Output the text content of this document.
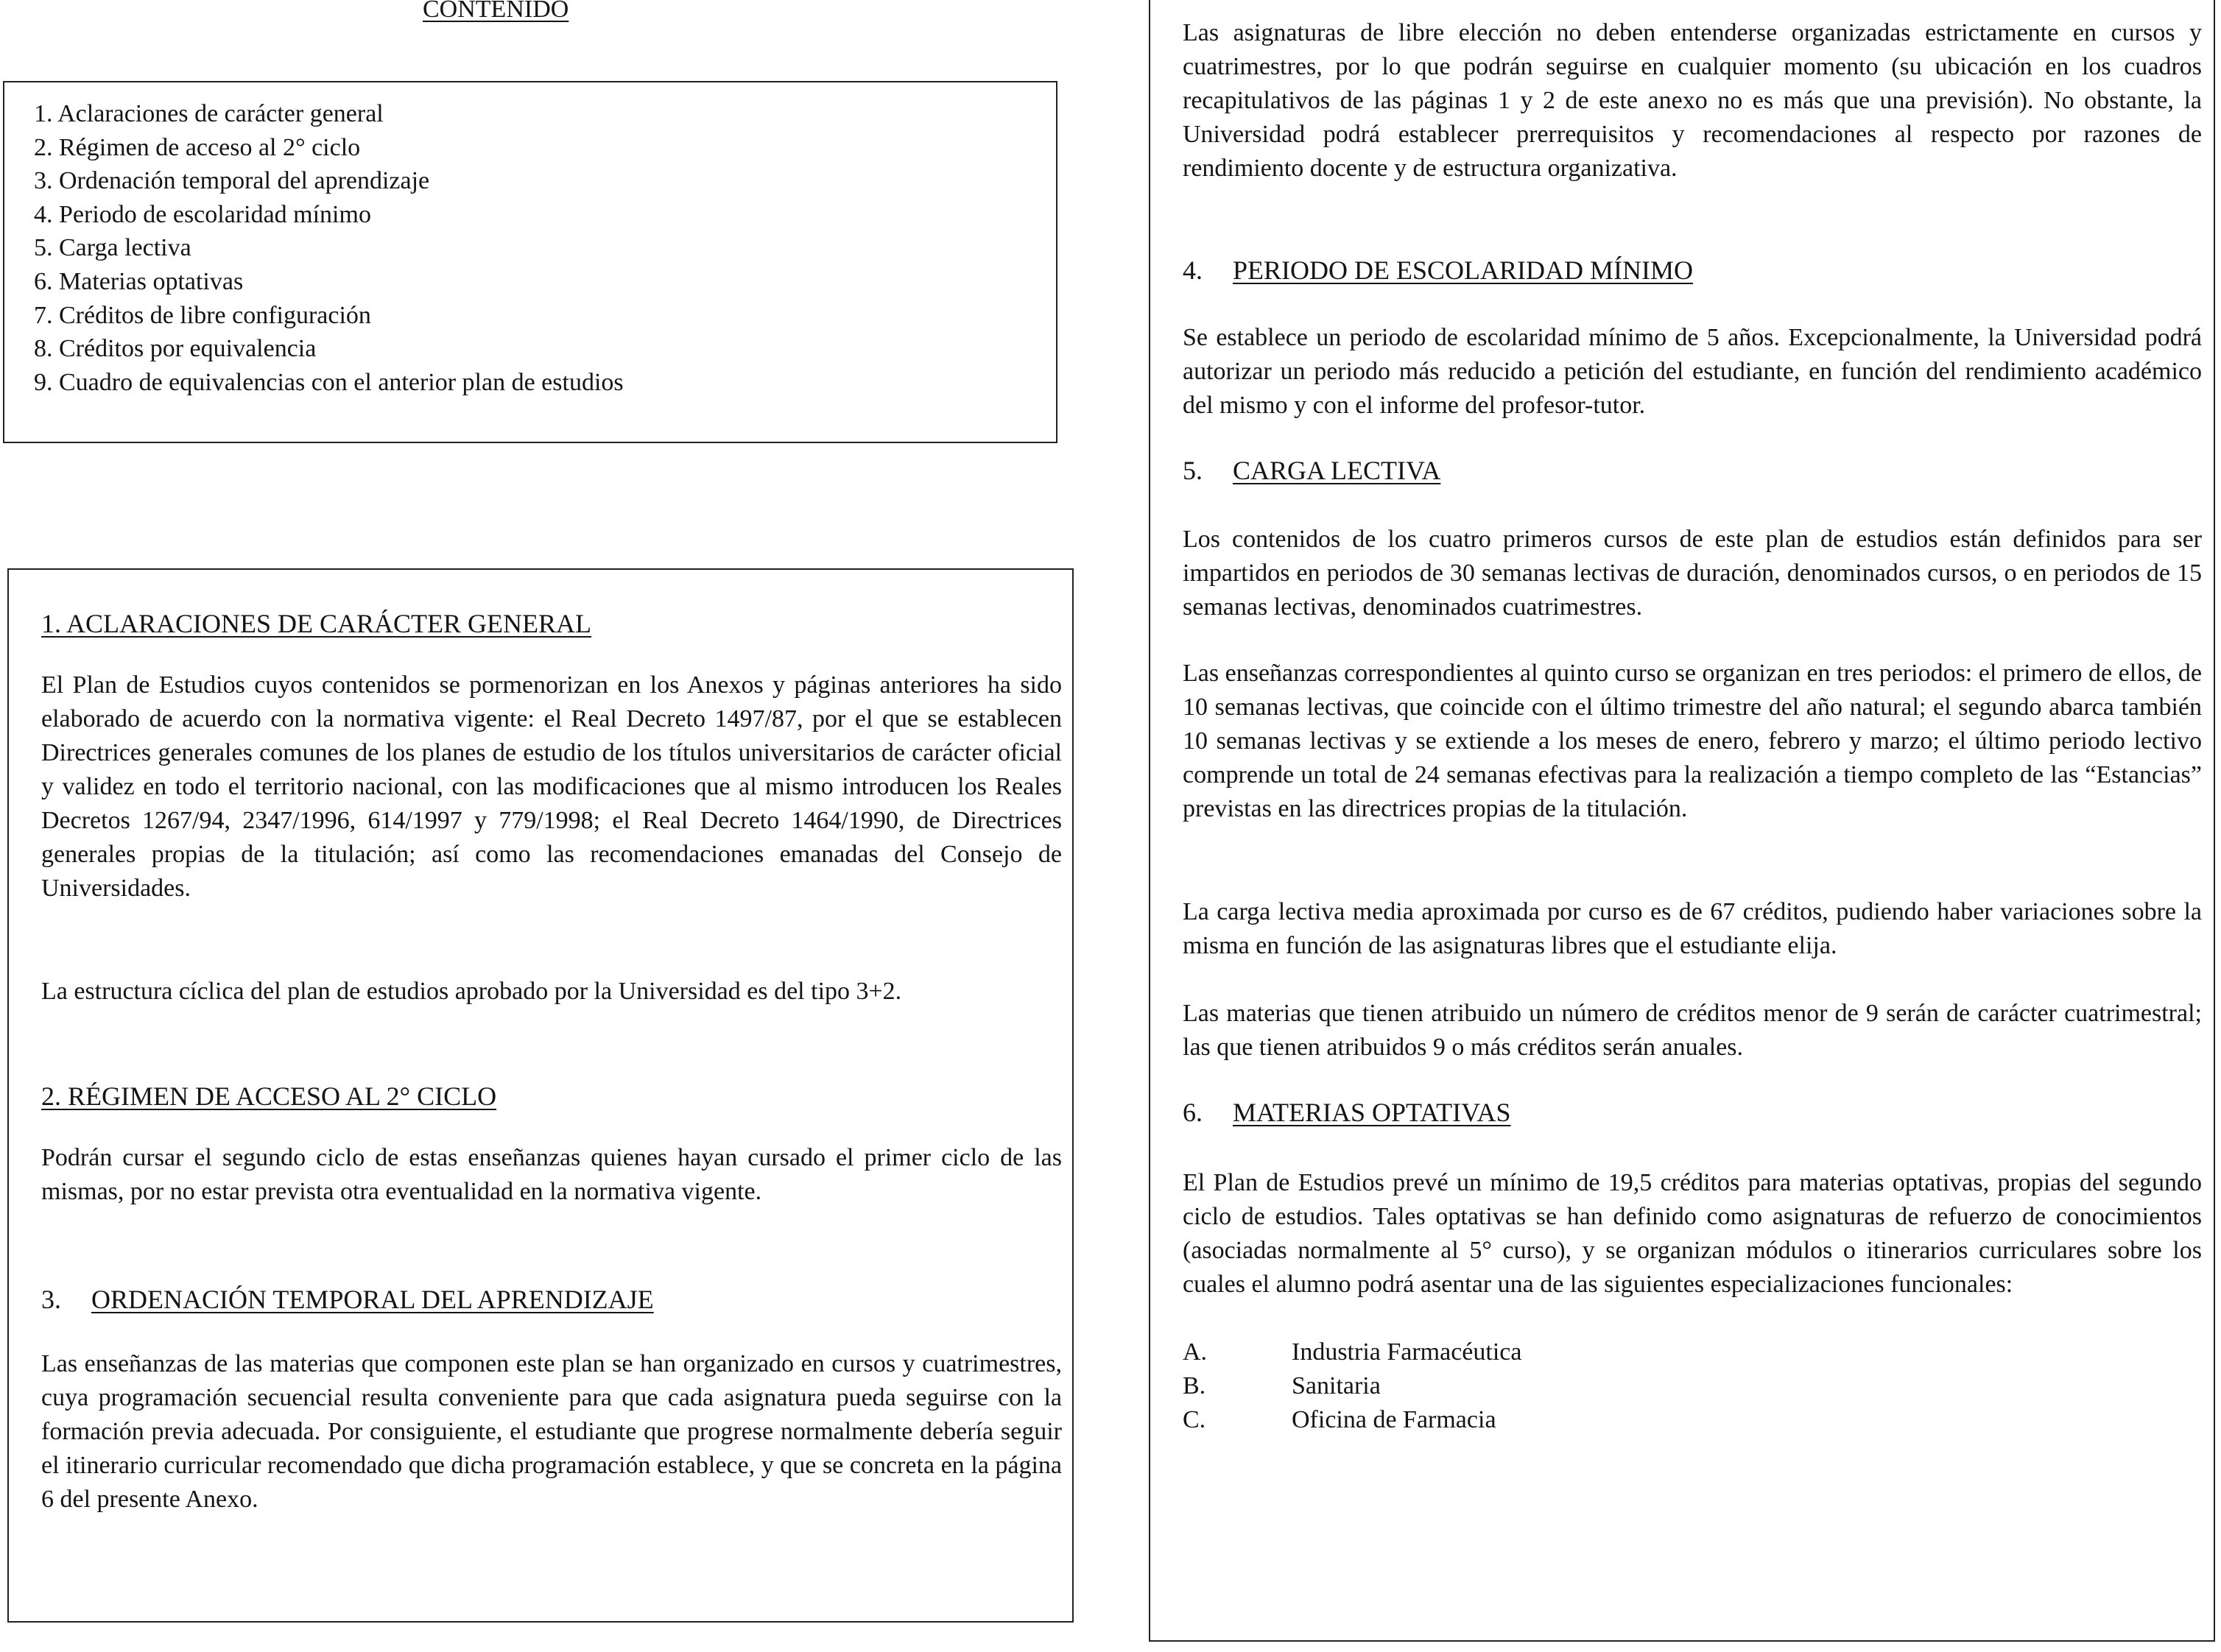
CONTENIDO
1. Aclaraciones de carácter general
2. Régimen de acceso al 2° ciclo
3. Ordenación temporal del aprendizaje
4. Periodo de escolaridad mínimo
5. Carga lectiva
6. Materias optativas
7. Créditos de libre configuración
8. Créditos por equivalencia
9. Cuadro de equivalencias con el anterior plan de estudios
1. ACLARACIONES DE CARÁCTER GENERAL

El Plan de Estudios cuyos contenidos se pormenorizan en los Anexos y páginas anteriores ha sido elaborado de acuerdo con la normativa vigente: el Real Decreto 1497/87, por el que se establecen Directrices generales comunes de los planes de estudio de los títulos universitarios de carácter oficial y validez en todo el territorio nacional, con las modificaciones que al mismo introducen los Reales Decretos 1267/94, 2347/1996, 614/1997 y 779/1998; el Real Decreto 1464/1990, de Directrices generales propias de la titulación; así como las recomendaciones emanadas del Consejo de Universidades.

La estructura cíclica del plan de estudios aprobado por la Universidad es del tipo 3+2.

2. RÉGIMEN DE ACCESO AL 2° CICLO

Podrán cursar el segundo ciclo de estas enseñanzas quienes hayan cursado el primer ciclo de las mismas, por no estar prevista otra eventualidad en la normativa vigente.

3. ORDENACIÓN TEMPORAL DEL APRENDIZAJE

Las enseñanzas de las materias que componen este plan se han organizado en cursos y cuatrimestres, cuya programación secuencial resulta conveniente para que cada asignatura pueda seguirse con la formación previa adecuada. Por consiguiente, el estudiante que progrese normalmente debería seguir el itinerario curricular recomendado que dicha programación establece, y que se concreta en la página 6 del presente Anexo.

Las asignaturas de libre elección no deben entenderse organizadas estrictamente en cursos y cuatrimestres, por lo que podrán seguirse en cualquier momento (su ubicación en los cuadros recapitulativos de las páginas 1 y 2 de este anexo no es más que una previsión). No obstante, la Universidad podrá establecer prerrequisitos y recomendaciones al respecto por razones de rendimiento docente y de estructura organizativa.

4. PERIODO DE ESCOLARIDAD MÍNIMO

Se establece un periodo de escolaridad mínimo de 5 años. Excepcionalmente, la Universidad podrá autorizar un periodo más reducido a petición del estudiante, en función del rendimiento académico del mismo y con el informe del profesor-tutor.

5. CARGA LECTIVA

Los contenidos de los cuatro primeros cursos de este plan de estudios están definidos para ser impartidos en periodos de 30 semanas lectivas de duración, denominados cursos, o en periodos de 15 semanas lectivas, denominados cuatrimestres.

Las enseñanzas correspondientes al quinto curso se organizan en tres periodos: el primero de ellos, de 10 semanas lectivas, que coincide con el último trimestre del año natural; el segundo abarca también 10 semanas lectivas y se extiende a los meses de enero, febrero y marzo; el último periodo lectivo comprende un total de 24 semanas efectivas para la realización a tiempo completo de las “Estancias” previstas en las directrices propias de la titulación.

La carga lectiva media aproximada por curso es de 67 créditos, pudiendo haber variaciones sobre la misma en función de las asignaturas libres que el estudiante elija.

Las materias que tienen atribuido un número de créditos menor de 9 serán de carácter cuatrimestral; las que tienen atribuidos 9 o más créditos serán anuales.

6. MATERIAS OPTATIVAS

El Plan de Estudios prevé un mínimo de 19,5 créditos para materias optativas, propias del segundo ciclo de estudios. Tales optativas se han definido como asignaturas de refuerzo de conocimientos (asociadas normalmente al 5° curso), y se organizan módulos o itinerarios curriculares sobre los cuales el alumno podrá asentar una de las siguientes especializaciones funcionales:

A.	Industria Farmacéutica
B.	Sanitaria
C.	Oficina de Farmacia
